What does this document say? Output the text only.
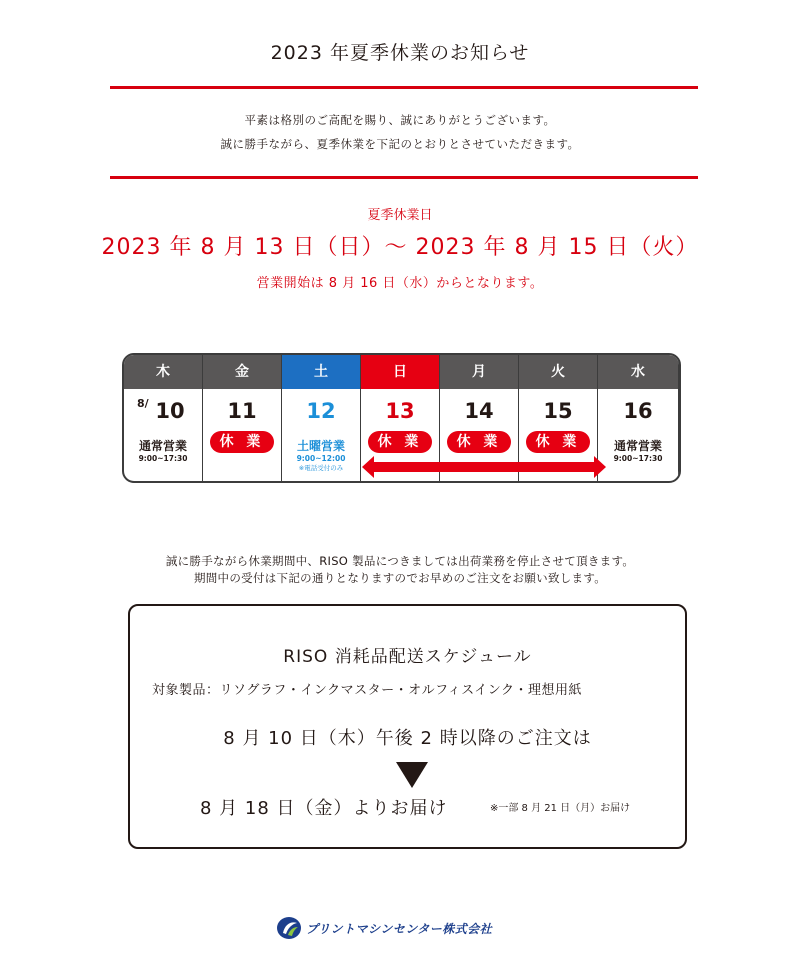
2023 年夏季休業のお知らせ
平素は格別のご高配を賜り、誠にありがとうございます。
誠に勝手ながら、夏季休業を下記のとおりとさせていただきます。
夏季休業日
2023 年 8 月 13 日（日）～ 2023 年 8 月 15 日（火）
営業開始は 8 月 16 日（水）からとなります。
木
8/ 10
通常営業
9:00~17:30
金
11
休 業
土
12
土曜営業
9:00~12:00
※電話受付のみ
日
13
休 業
月
14
休 業
火
15
休 業
水
16
通常営業
9:00~17:30
誠に勝手ながら休業期間中、RISO 製品につきましては出荷業務を停止させて頂きます。
期間中の受付は下記の通りとなりますのでお早めのご注文をお願い致します。
RISO 消耗品配送スケジュール
対象製品：リソグラフ・インクマスター・オルフィスインク・理想用紙
8 月 10 日（木）午後 2 時以降のご注文は
8 月 18 日（金）よりお届け	※一部 8 月 21 日（月）お届け
プリントマシンセンター株式会社
